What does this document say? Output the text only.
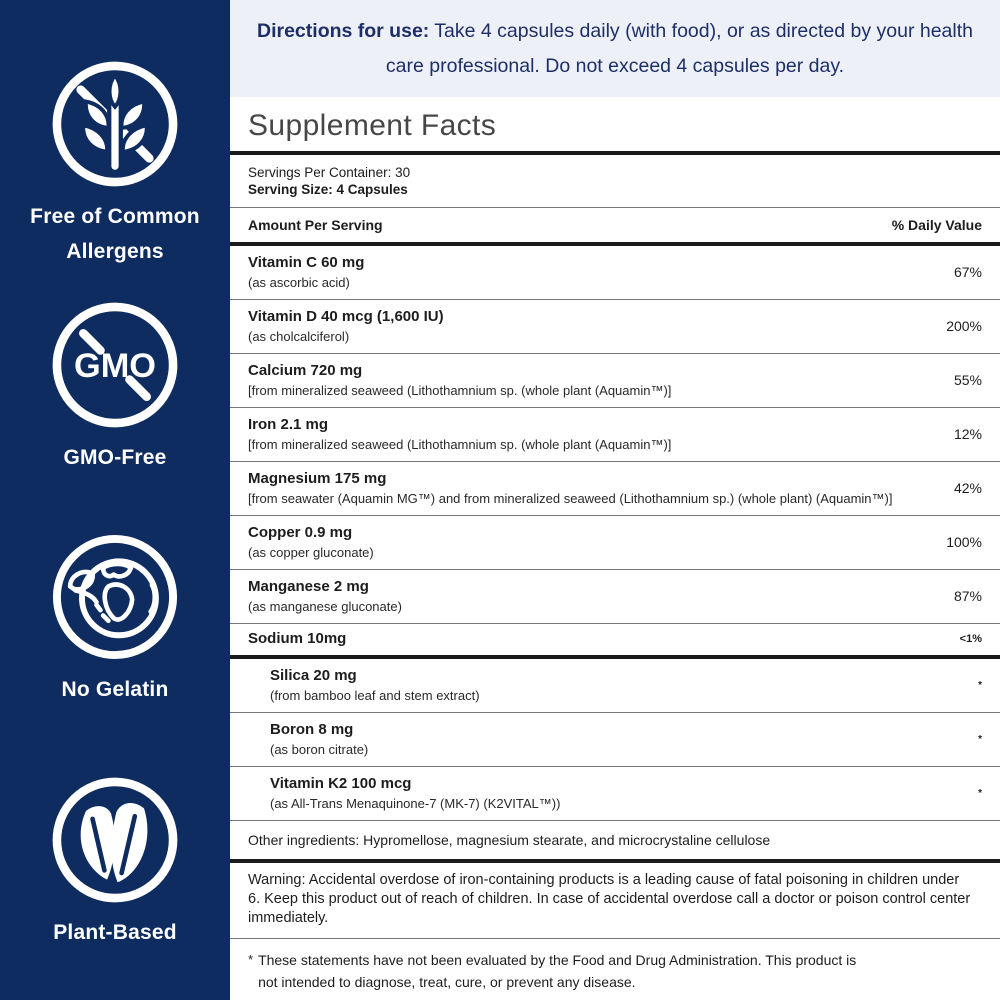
Free of Common Allergens
GMO
GMO-Free
No Gelatin
Plant-Based

Directions for use: Take 4 capsules daily (with food), or as directed by your health care professional. Do not exceed 4 capsules per day.

Supplement Facts
Servings Per Container: 30
Serving Size: 4 Capsules
Amount Per Serving	% Daily Value
Vitamin C 60 mg
(as ascorbic acid)
67%
Vitamin D 40 mcg (1,600 IU)
(as cholcalciferol)
200%
Calcium 720 mg
[from mineralized seaweed (Lithothamnium sp. (whole plant (Aquamin™)]
55%
Iron 2.1 mg
[from mineralized seaweed (Lithothamnium sp. (whole plant (Aquamin™)]
12%
Magnesium 175 mg
[from seawater (Aquamin MG™) and from mineralized seaweed (Lithothamnium sp.) (whole plant) (Aquamin™)]
42%
Copper 0.9 mg
(as copper gluconate)
100%
Manganese 2 mg
(as manganese gluconate)
87%
Sodium 10mg	<1%
Silica 20 mg
(from bamboo leaf and stem extract)
*
Boron 8 mg
(as boron citrate)
*
Vitamin K2 100 mcg
(as All-Trans Menaquinone-7 (MK-7) (K2VITAL™))
*
Other ingredients: Hypromellose, magnesium stearate, and microcrystaline cellulose
Warning: Accidental overdose of iron-containing products is a leading cause of fatal poisoning in children under 6. Keep this product out of reach of children. In case of accidental overdose call a doctor or poison control center immediately.
* These statements have not been evaluated by the Food and Drug Administration. This product is not intended to diagnose, treat, cure, or prevent any disease.
